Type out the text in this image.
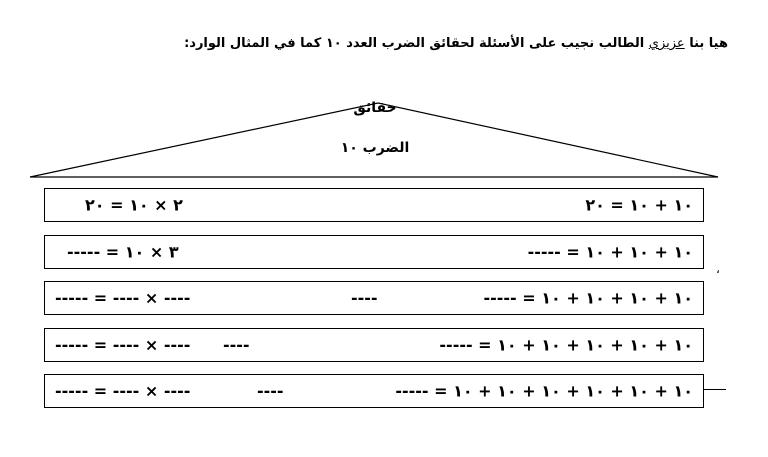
هيا بنا عزيزي الطالب نجيب على الأسئلة لحقائق الضرب العدد ١٠ كما في المثال الوارد:
حقائق
الضرب ١٠
١٠ + ١٠ = ٢٠
٢ × ١٠ = ٢٠
١٠ + ١٠ + ١٠ = -----
٣ × ١٠ = -----
،
١٠ + ١٠ + ١٠ + ١٠ = -----
----
---- × ---- = -----
١٠ + ١٠ + ١٠ + ١٠ + ١٠ = -----
----
---- × ---- = -----
١٠ + ١٠ + ١٠ + ١٠ + ١٠ + ١٠ = -----
----
---- × ---- = -----
